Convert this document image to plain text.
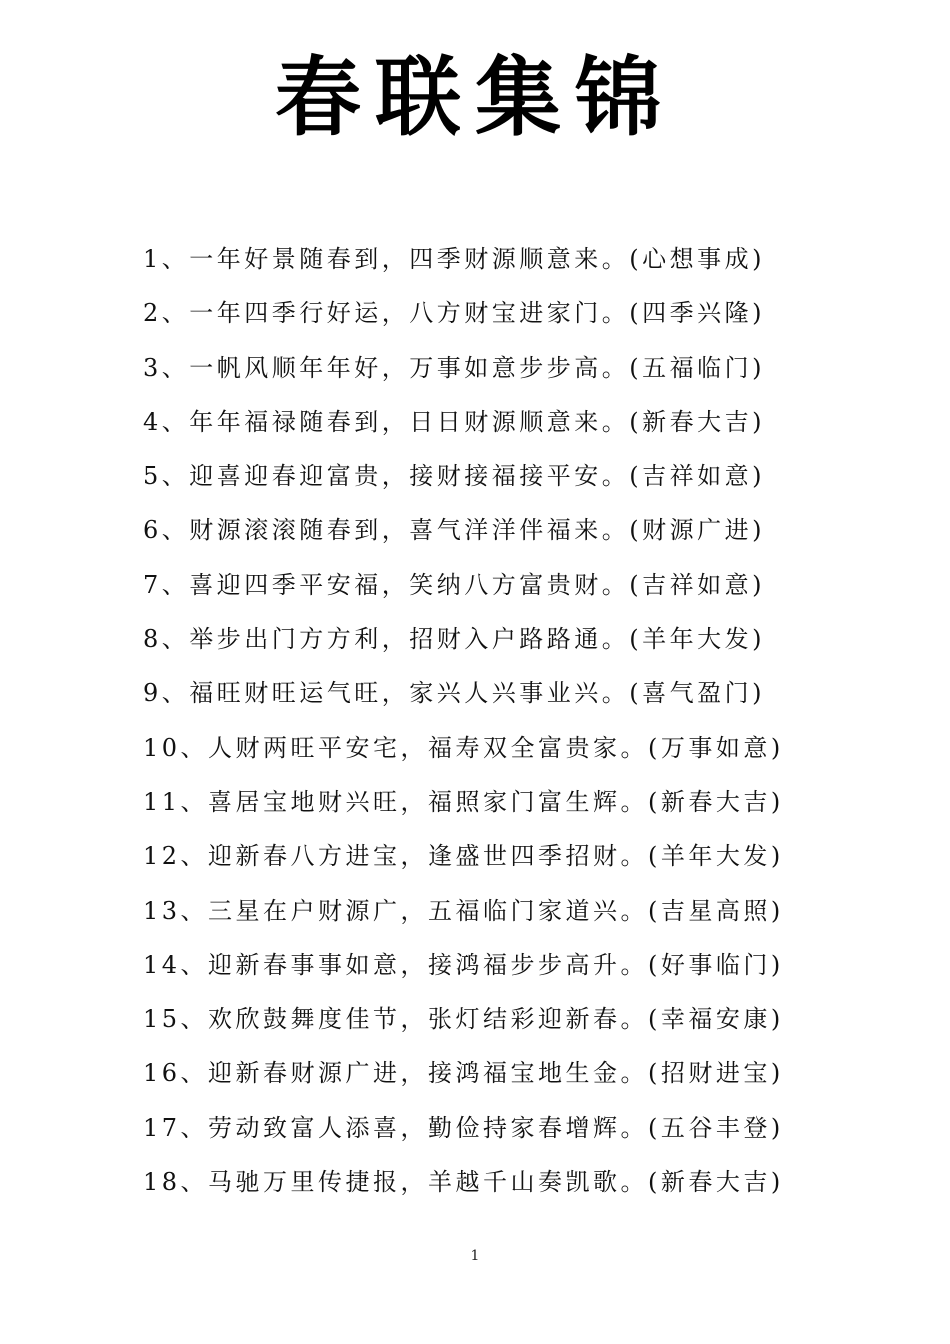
春联集锦
1、一年好景随春到，四季财源顺意来。(心想事成)
2、一年四季行好运，八方财宝进家门。(四季兴隆)
3、一帆风顺年年好，万事如意步步高。(五福临门)
4、年年福禄随春到，日日财源顺意来。(新春大吉)
5、迎喜迎春迎富贵，接财接福接平安。(吉祥如意)
6、财源滚滚随春到，喜气洋洋伴福来。(财源广进)
7、喜迎四季平安福，笑纳八方富贵财。(吉祥如意)
8、举步出门方方利，招财入户路路通。(羊年大发)
9、福旺财旺运气旺，家兴人兴事业兴。(喜气盈门)
10、人财两旺平安宅，福寿双全富贵家。(万事如意)
11、喜居宝地财兴旺，福照家门富生辉。(新春大吉)
12、迎新春八方进宝，逢盛世四季招财。(羊年大发)
13、三星在户财源广，五福临门家道兴。(吉星高照)
14、迎新春事事如意，接鸿福步步高升。(好事临门)
15、欢欣鼓舞度佳节，张灯结彩迎新春。(幸福安康)
16、迎新春财源广进，接鸿福宝地生金。(招财进宝)
17、劳动致富人添喜，勤俭持家春增辉。(五谷丰登)
18、马驰万里传捷报，羊越千山奏凯歌。(新春大吉)
1
